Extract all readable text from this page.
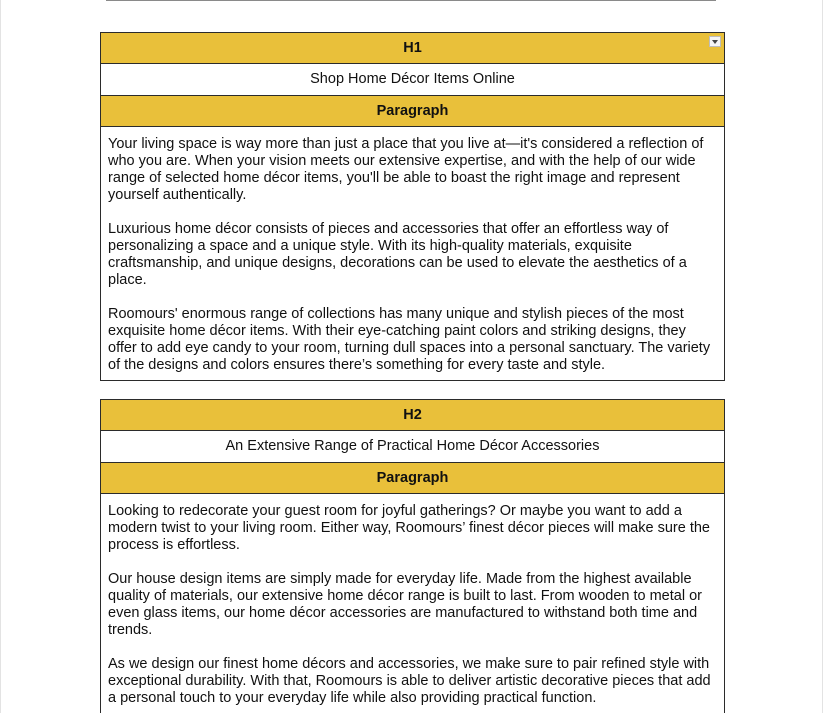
H1
Shop Home Décor Items Online
Paragraph

Your living space is way more than just a place that you live at—it's considered a reflection of who you are. When your vision meets our extensive expertise, and with the help of our wide range of selected home décor items, you'll be able to boast the right image and represent yourself authentically.

Luxurious home décor consists of pieces and accessories that offer an effortless way of personalizing a space and a unique style. With its high-quality materials, exquisite craftsmanship, and unique designs, decorations can be used to elevate the aesthetics of a place.

Roomours' enormous range of collections has many unique and stylish pieces of the most exquisite home décor items. With their eye-catching paint colors and striking designs, they offer to add eye candy to your room, turning dull spaces into a personal sanctuary. The variety of the designs and colors ensures there’s something for every taste and style.

H2
An Extensive Range of Practical Home Décor Accessories
Paragraph

Looking to redecorate your guest room for joyful gatherings? Or maybe you want to add a modern twist to your living room. Either way, Roomours’ finest décor pieces will make sure the process is effortless.

Our house design items are simply made for everyday life. Made from the highest available quality of materials, our extensive home décor range is built to last. From wooden to metal or even glass items, our home décor accessories are manufactured to withstand both time and trends.

As we design our finest home décors and accessories, we make sure to pair refined style with exceptional durability. With that, Roomours is able to deliver artistic decorative pieces that add a personal touch to your everyday life while also providing practical function.
